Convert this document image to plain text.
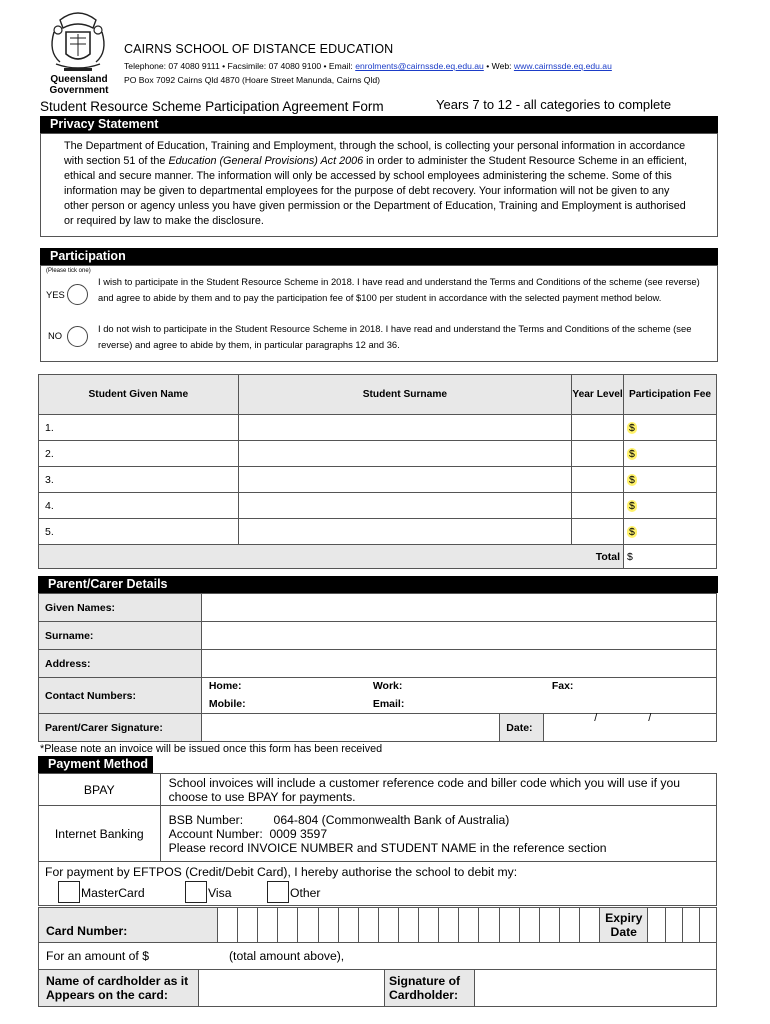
Queensland Government
CAIRNS SCHOOL OF DISTANCE EDUCATION
Telephone: 07 4080 9111 • Facsimile: 07 4080 9100 • Email: enrolments@cairnssde.eq.edu.au • Web: www.cairnssde.eq.edu.au
PO Box 7092 Cairns Qld 4870 (Hoare Street Manunda, Cairns Qld)
Student Resource Scheme Participation Agreement Form	Years 7 to 12 - all categories to complete
Privacy Statement
The Department of Education, Training and Employment, through the school, is collecting your personal information in accordance with section 51 of the Education (General Provisions) Act 2006 in order to administer the Student Resource Scheme in an efficient, ethical and secure manner. The information will only be accessed by school employees administering the scheme. Some of this information may be given to departmental employees for the purpose of debt recovery. Your information will not be given to any other person or agency unless you have given permission or the Department of Education, Training and Employment is authorised or required by law to make the disclosure.
Participation
(Please tick one)
YES
I wish to participate in the Student Resource Scheme in 2018. I have read and understand the Terms and Conditions of the scheme (see reverse) and agree to abide by them and to pay the participation fee of $100 per student in accordance with the selected payment method below.
NO
I do not wish to participate in the Student Resource Scheme in 2018. I have read and understand the Terms and Conditions of the scheme (see reverse) and agree to abide by them, in particular paragraphs 12 and 36.
Student Given Name	Student Surname	Year Level	Participation Fee
1.			$
2.			$
3.			$
4.			$
5.			$
Total			$
Parent/Carer Details
Given Names:			
Surname:			
Address:			
Contact Numbers:	Home: Work: Fax:
Mobile: Email:		

Parent/Carer Signature:		Date:	/ /
*Please note an invoice will be issued once this form has been received
Payment Method
BPAY	School invoices will include a customer reference code and biller code which you will use if you choose to use BPAY for payments.
Internet Banking	BSB Number:         064-804 (Commonwealth Bank of Australia)
Account Number:  0009 3597
Please record INVOICE NUMBER and STUDENT NAME in the reference section

For payment by EFTPOS (Credit/Debit Card), I hereby authorise the school to debit my:	

MasterCard Visa Other	
Card Number:																				Expiry Date				
For an amount of $	(total amount above),

Name of cardholder as it Appears on the card:		Signature of Cardholder:	
